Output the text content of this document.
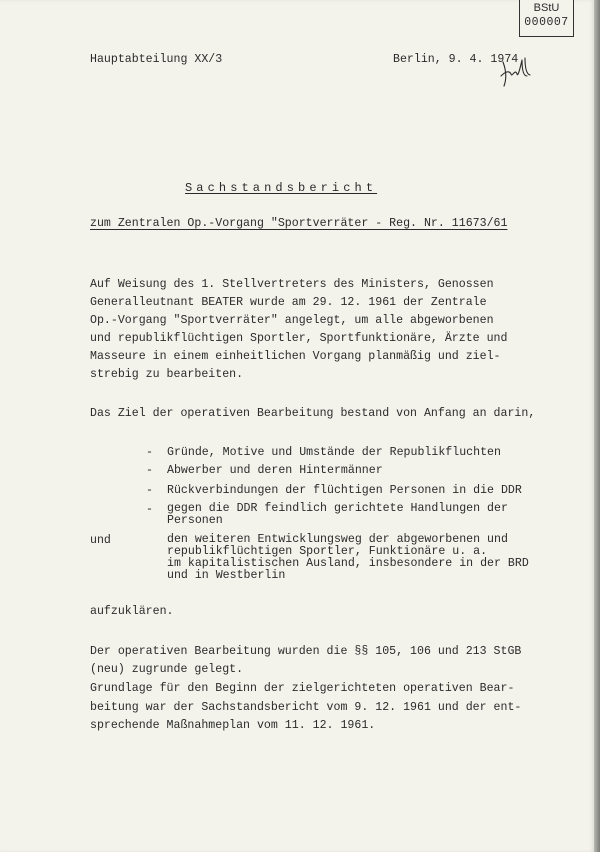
BStU
000007
Hauptabteilung XX/3	Berlin, 9. 4. 1974
Sachstandsbericht
zum Zentralen Op.-Vorgang "Sportverräter - Reg. Nr. 11673/61
Auf Weisung des 1. Stellvertreters des Ministers, Genossen
Generalleutnant BEATER wurde am 29. 12. 1961 der Zentrale
Op.-Vorgang "Sportverräter" angelegt, um alle abgeworbenen
und republikflüchtigen Sportler, Sportfunktionäre, Ärzte und
Masseure in einem einheitlichen Vorgang planmäßig und ziel-
strebig zu bearbeiten.
Das Ziel der operativen Bearbeitung bestand von Anfang an darin,
- Gründe, Motive und Umstände der Republikfluchten
- Abwerber und deren Hintermänner
- Rückverbindungen der flüchtigen Personen in die DDR
- gegen die DDR feindlich gerichtete Handlungen der
Personen
und	den weiteren Entwicklungsweg der abgeworbenen und
republikflüchtigen Sportler, Funktionäre u. a.
im kapitalistischen Ausland, insbesondere in der BRD
und in Westberlin
aufzuklären.
Der operativen Bearbeitung wurden die §§ 105, 106 und 213 StGB
(neu) zugrunde gelegt.
Grundlage für den Beginn der zielgerichteten operativen Bear-
beitung war der Sachstandsbericht vom 9. 12. 1961 und der ent-
sprechende Maßnahmeplan vom 11. 12. 1961.
